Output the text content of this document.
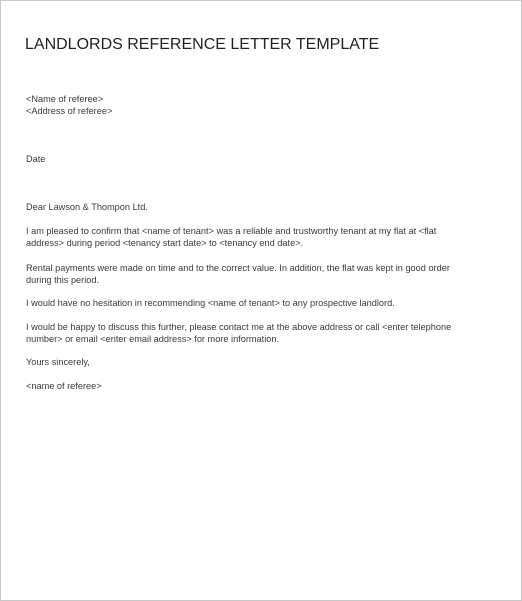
LANDLORDS REFERENCE LETTER TEMPLATE

<Name of referee>

<Address of referee>

Date

Dear Lawson & Thompon Ltd.

I am pleased to confirm that <name of tenant> was a reliable and trustworthy tenant at my flat at <flat

address> during period <tenancy start date> to <tenancy end date>.

Rental payments were made on time and to the correct value. In addition, the flat was kept in good order

during this period.

I would have no hesitation in recommending <name of tenant> to any prospective landlord.

I would be happy to discuss this further, please contact me at the above address or call <enter telephone

number> or email <enter email address> for more information.

Yours sincerely,

<name of referee>
